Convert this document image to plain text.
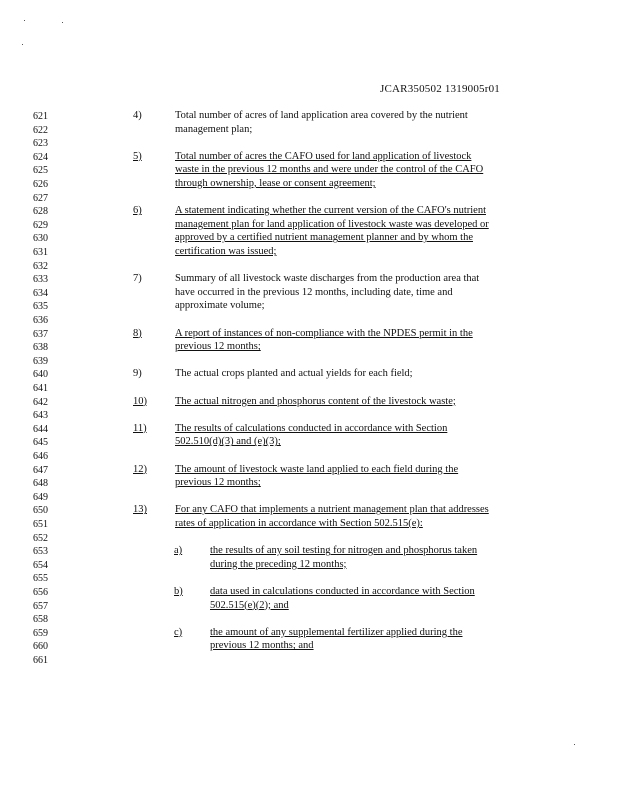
JCAR350502 1319005r01
621
622
623
624
625
626
627
628
629
630
631
632
633
634
635
636
637
638
639
640
641
642
643
644
645
646
647
648
649
650
651
652
653
654
655
656
657
658
659
660
661
4)	Total number of acres of land application area covered by the nutrient
management plan;
5)	Total number of acres the CAFO used for land application of livestock
waste in the previous 12 months and were under the control of the CAFO
through ownership, lease or consent agreement;
6)	A statement indicating whether the current version of the CAFO's nutrient
management plan for land application of livestock waste was developed or
approved by a certified nutrient management planner and by whom the
certification was issued;
7)	Summary of all livestock waste discharges from the production area that
have occurred in the previous 12 months, including date, time and
approximate volume;
8)	A report of instances of non-compliance with the NPDES permit in the
previous 12 months;
9)	The actual crops planted and actual yields for each field;
10)	The actual nitrogen and phosphorus content of the livestock waste;
11)	The results of calculations conducted in accordance with Section
502.510(d)(3) and (e)(3);
12)	The amount of livestock waste land applied to each field during the
previous 12 months;
13)	For any CAFO that implements a nutrient management plan that addresses
rates of application in accordance with Section 502.515(e):
a)	the results of any soil testing for nitrogen and phosphorus taken
during the preceding 12 months;
b)	data used in calculations conducted in accordance with Section
502.515(e)(2); and
c)	the amount of any supplemental fertilizer applied during the
previous 12 months; and
